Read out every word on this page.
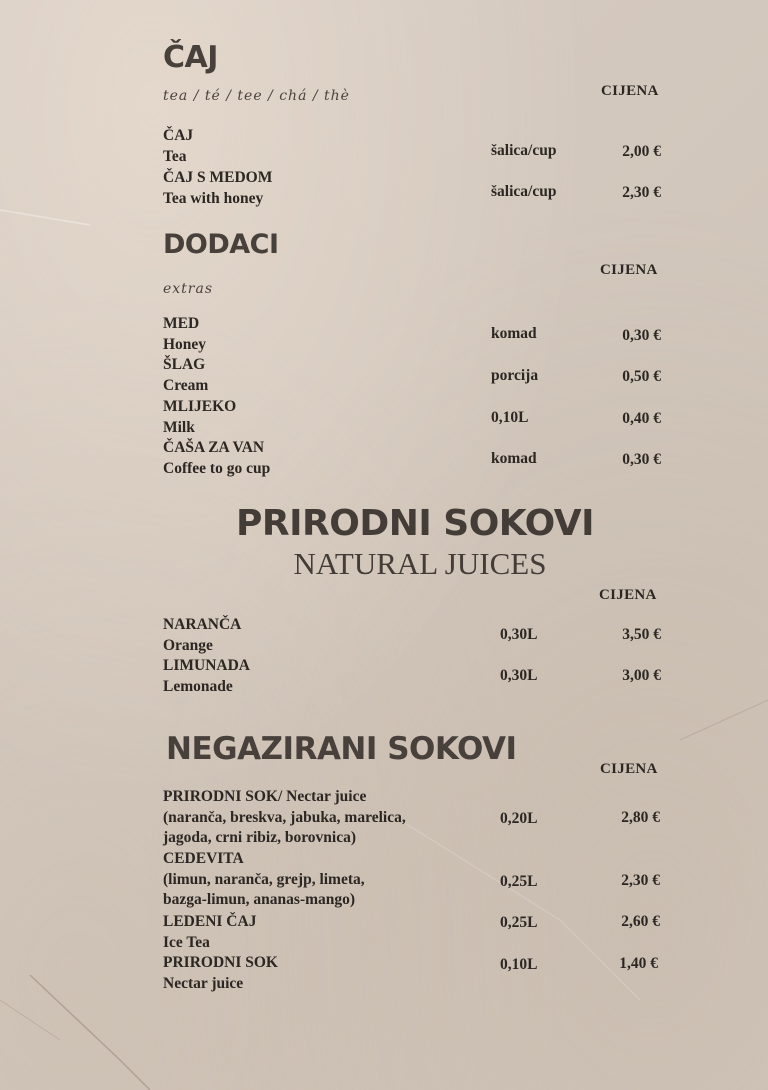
ČAJ
tea / té / tee / chá / thè	CIJENA
ČAJ
Tea	šalica/cup	2,00 €
ČAJ S MEDOM
Tea with honey	šalica/cup	2,30 €
DODACI
CIJENA
extras
MED
Honey
komad	0,30 €
ŠLAG
Cream
porcija	0,50 €
MLIJEKO
Milk
0,10L	0,40 €
ČAŠA ZA VAN
Coffee to go cup
komad	0,30 €
PRIRODNI SOKOVI
NATURAL JUICES
CIJENA
NARANČA
Orange
0,30L	3,50 €
LIMUNADA
Lemonade
0,30L	3,00 €
NEGAZIRANI SOKOVI
CIJENA
PRIRODNI SOK/ Nectar juice
(naranča, breskva, jabuka, marelica,
jagoda, crni ribiz, borovnica)
0,20L	2,80 €
CEDEVITA
(limun, naranča, grejp, limeta,
bazga-limun, ananas-mango)
0,25L	2,30 €
LEDENI ČAJ
Ice Tea
0,25L	2,60 €
PRIRODNI SOK
Nectar juice
0,10L	1,40 €
